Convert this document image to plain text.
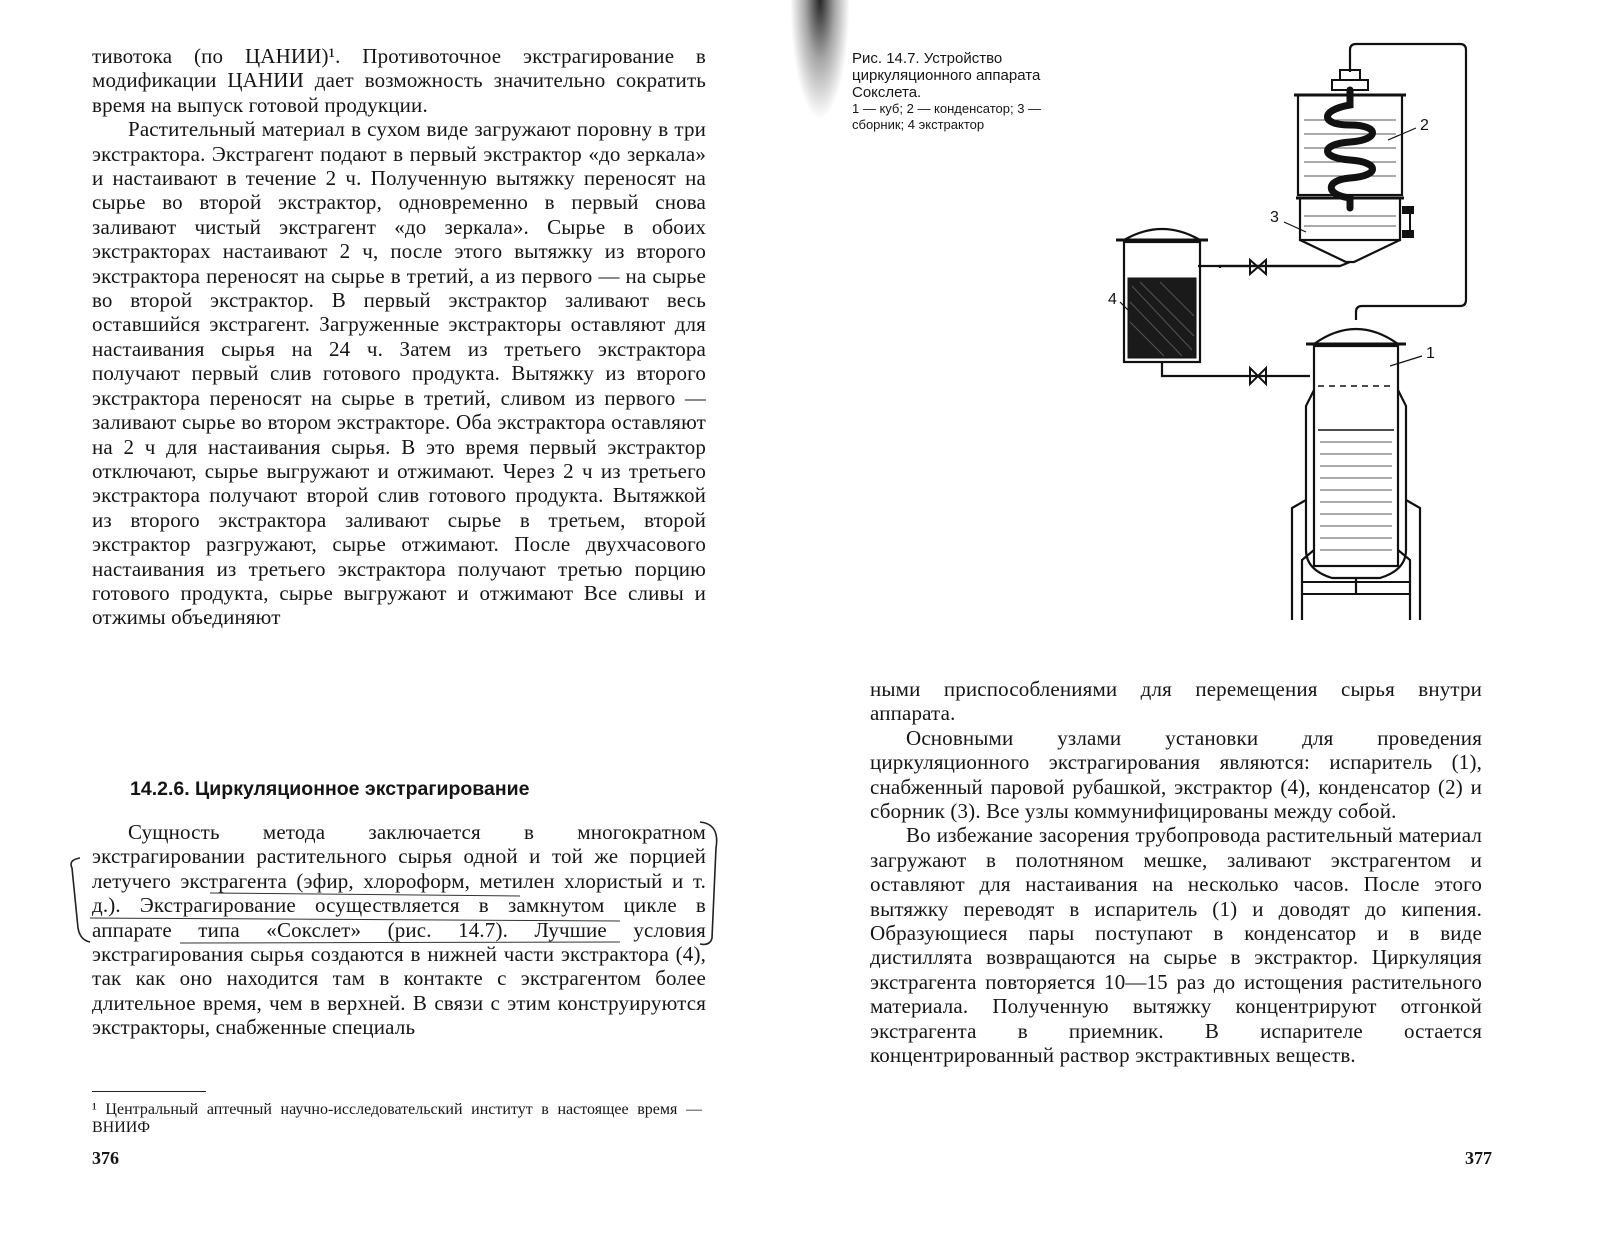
тивотока (по ЦАНИИ)¹. Противоточное экстрагирование в модификации ЦАНИИ дает возможность значительно сократить время на выпуск готовой продукции.

Растительный материал в сухом виде загружают поровну в три экстрактора. Экстрагент подают в первый экстрактор «до зеркала» и настаивают в течение 2 ч. Полученную вытяжку переносят на сырье во второй экстрактор, одновременно в первый снова заливают чистый экстрагент «до зеркала». Сырье в обоих экстракторах настаивают 2 ч, после этого вытяжку из второго экстрактора переносят на сырье в третий, а из первого — на сырье во второй экстрактор. В первый экстрактор заливают весь оставшийся экстрагент. Загруженные экстракторы оставляют для настаивания сырья на 24 ч. Затем из третьего экстрактора получают первый слив готового продукта. Вытяжку из второго экстрактора переносят на сырье в третий, сливом из первого — заливают сырье во втором экстракторе. Оба экстрактора оставляют на 2 ч для настаивания сырья. В это время первый экстрактор отключают, сырье выгружают и отжимают. Через 2 ч из третьего экстрактора получают второй слив готового продукта. Вытяжкой из второго экстрактора заливают сырье в третьем, второй экстрактор разгружают, сырье отжимают. После двухчасового настаивания из третьего экстрактора получают третью порцию готового продукта, сырье выгружают и отжимают Все сливы и отжимы объединяют

14.2.6. Циркуляционное экстрагирование

Сущность метода заключается в многократном экстрагировании растительного сырья одной и той же порцией летучего экстрагента (эфир, хлороформ, метилен хлористый и т. д.). Экстрагирование осуществляется в замкнутом цикле в аппарате типа «Сокслет» (рис. 14.7). Лучшие условия экстрагирования сырья создаются в нижней части экстрактора (4), так как оно находится там в контакте с экстрагентом более длительное время, чем в верхней. В связи с этим конструируются экстракторы, снабженные специаль

¹ Центральный аптечный научно-исследовательский институт в настоящее время — ВНИИФ
376
Рис. 14.7. Устройство циркуляционного аппарата Сокслета.
1 — куб; 2 — конденсатор; 3 — сборник; 4 экстрактор	2
3
4
1

ными приспособлениями для перемещения сырья внутри аппарата.

Основными узлами установки для проведения циркуляционного экстрагирования являются: испаритель (1), снабженный паровой рубашкой, экстрактор (4), конденсатор (2) и сборник (3). Все узлы коммунифицированы между собой.

Во избежание засорения трубопровода растительный материал загружают в полотняном мешке, заливают экстрагентом и оставляют для настаивания на несколько часов. После этого вытяжку переводят в испаритель (1) и доводят до кипения. Образующиеся пары поступают в конденсатор и в виде дистиллята возвращаются на сырье в экстрактор. Циркуляция экстрагента повторяется 10—15 раз до истощения растительного материала. Полученную вытяжку концентрируют отгонкой экстрагента в приемник. В испарителе остается концентрированный раствор экстрактивных веществ.

377
